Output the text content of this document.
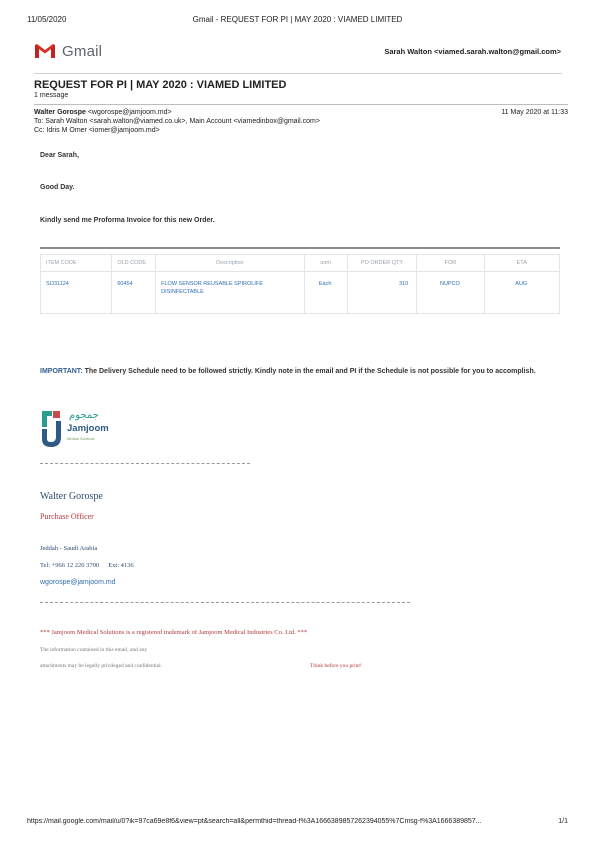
Gmail - REQUEST FOR PI | MAY 2020 : VIAMED LIMITED
11/05/2020
Gmail	Sarah Walton <viamed.sarah.walton@gmail.com>
REQUEST FOR PI | MAY 2020 : VIAMED LIMITED
1 message
Walter Gorospe <wgorospe@jamjoom.md>	11 May 2020 at 11:33
To: Sarah Walton <sarah.walton@viamed.co.uk>, Main Account <viamedinbox@gmail.com>
Cc: Idris M Omer <iomer@jamjoom.md>
Dear Sarah,
Good Day.
Kindly send me Proforma Invoice for this new Order.
ITEM CODE	OLD CODE	Description	uom	PO ORDER QTY	FOR	ETA
SO31124	60454	FLOW SENSOR REUSABLE SPIROLIFE DISINFECTABLE	Each	310	NUPCO	AUG
IMPORTANT: The Delivery Schedule need to be followed strictly. Kindly note in the email and PI if the Schedule is not possible for you to accomplish.
جمجوم
Jamjoom
Medical Solutions
Walter Gorospe
Purchase Officer
Jeddah - Saudi Arabia
Tel: +966 12 220 3700 Ext: 4136
wgorospe@jamjoom.md
*** Jamjoom Medical Solutions is a registered trademark of Jamjoom Medical Industries Co. Ltd. ***
The information contained in this email, and any
attachments may be legally privileged and confidential.	Think before you print!
https://mail.google.com/mail/u/0?ik=97ca69e8f6&view=pt&search=all&permthid=thread-f%3A1666389857262394055%7Cmsg-f%3A1666389857...	1/1
